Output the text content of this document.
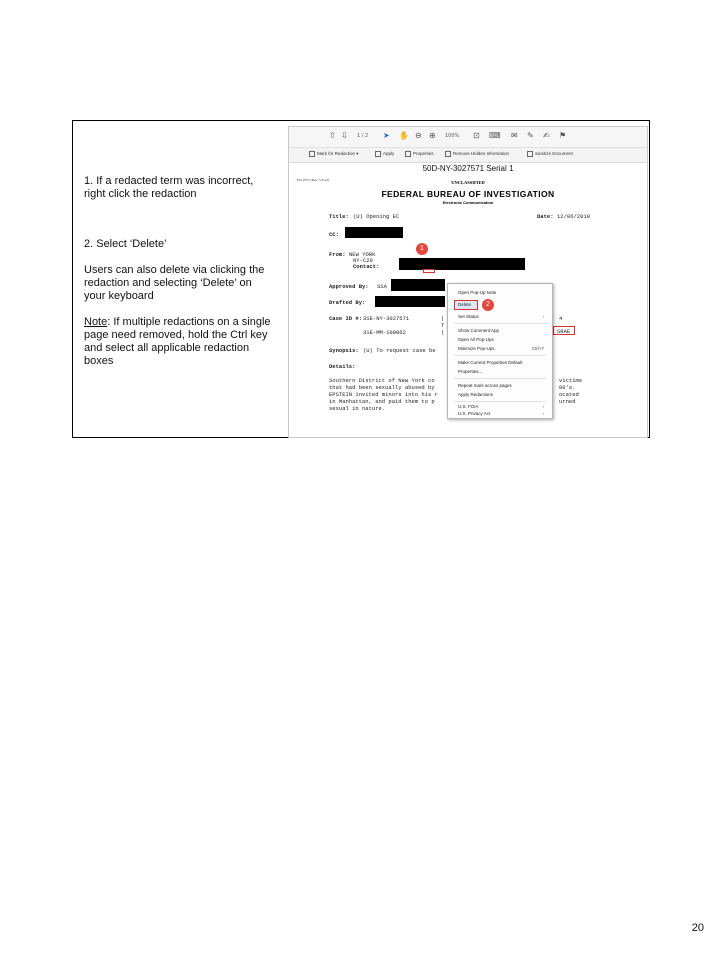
1. If a redacted term was incorrect, right click the redaction
2. Select ‘Delete’
Users can also delete via clicking the redaction and selecting ‘Delete’ on your keyboard
Note: If multiple redactions on a single page need removed, hold the Ctrl key and select all applicable redaction boxes
⇧ ⇩ 1 / 2 ➤ ✋ ⊖ ⊕ 100% ⊡ ⌨ ✉ ✎ ✍ ⚑
Mark for Redaction ▾	Apply	Properties	Remove Hidden Information	Sanitize Document
50D-NY-3027571 Serial 1
FD-1057 (Rev. 5-8-10)	UNCLASSIFIED
FEDERAL BUREAU OF INVESTIGATION
Electronic Communication
Title: (U) Opening EC	Date: 12/06/2018
CC:
From: NEW YORK
NY-C20
Contact:
1
Approved By: SSA
Drafted By:
Case ID #: 31E-NY-3027571	(
T
31E-MM-108062	(
4
SRAE
Synopsis: (U) To request case be
Details:
Southern District of New York co
that had been sexually abused by
EPSTEIN invited minors into his r
in Manhattan, and paid them to p
sexual in nature.
victims
00's.
ocated
urned
Open Pop-Up Note
Delete	2
Set Status	›
Show Comment App
Open All Pop-Ups
Minimize Pop-Ups	Ctrl+7
Make Current Properties Default
Properties...
Repeat mark across pages
Apply Redactions
U.S. FOIA	›
U.S. Privacy Act	›
20
